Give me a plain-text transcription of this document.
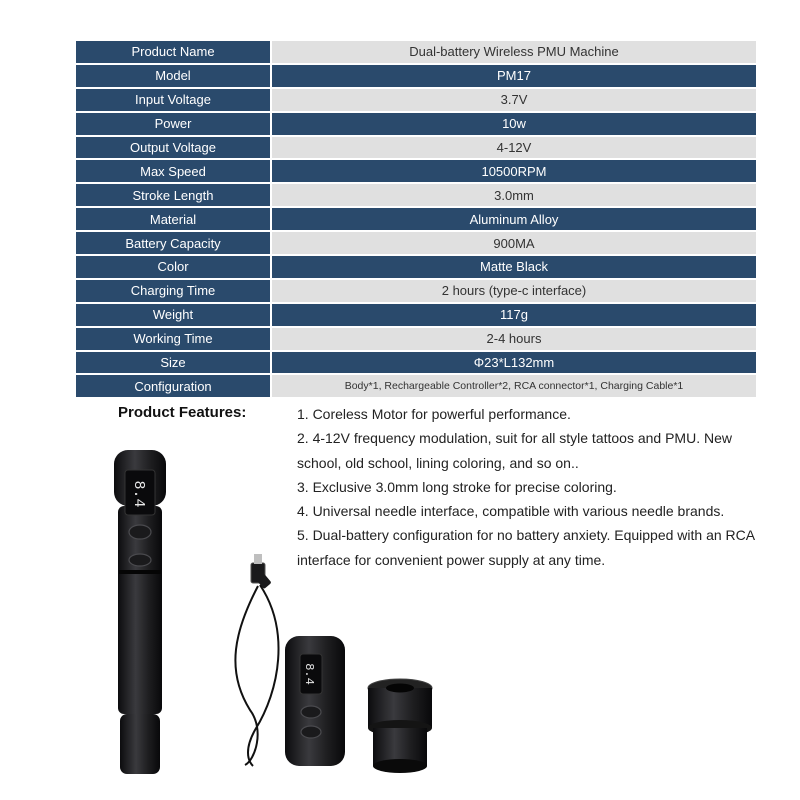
Product Name	Dual-battery Wireless PMU Machine
Model	PM17
Input Voltage	3.7V
Power	10w
Output Voltage	4-12V
Max Speed	10500RPM
Stroke Length	3.0mm
Material	Aluminum Alloy
Battery Capacity	900MA
Color	Matte Black
Charging Time	2 hours (type-c interface)
Weight	117g
Working Time	2-4 hours
Size	Φ23*L132mm
Configuration	Body*1, Rechargeable Controller*2, RCA connector*1, Charging Cable*1
Product Features:	1. Coreless Motor for powerful performance.
2. 4-12V frequency modulation, suit for all style tattoos and PMU. New school, old school, lining coloring, and so on..
3. Exclusive 3.0mm long stroke for precise coloring.
4. Universal needle interface, compatible with various needle brands.
5. Dual-battery configuration for no battery anxiety. Equipped with an RCA interface for convenient power supply at any time.
8.4
8.4
